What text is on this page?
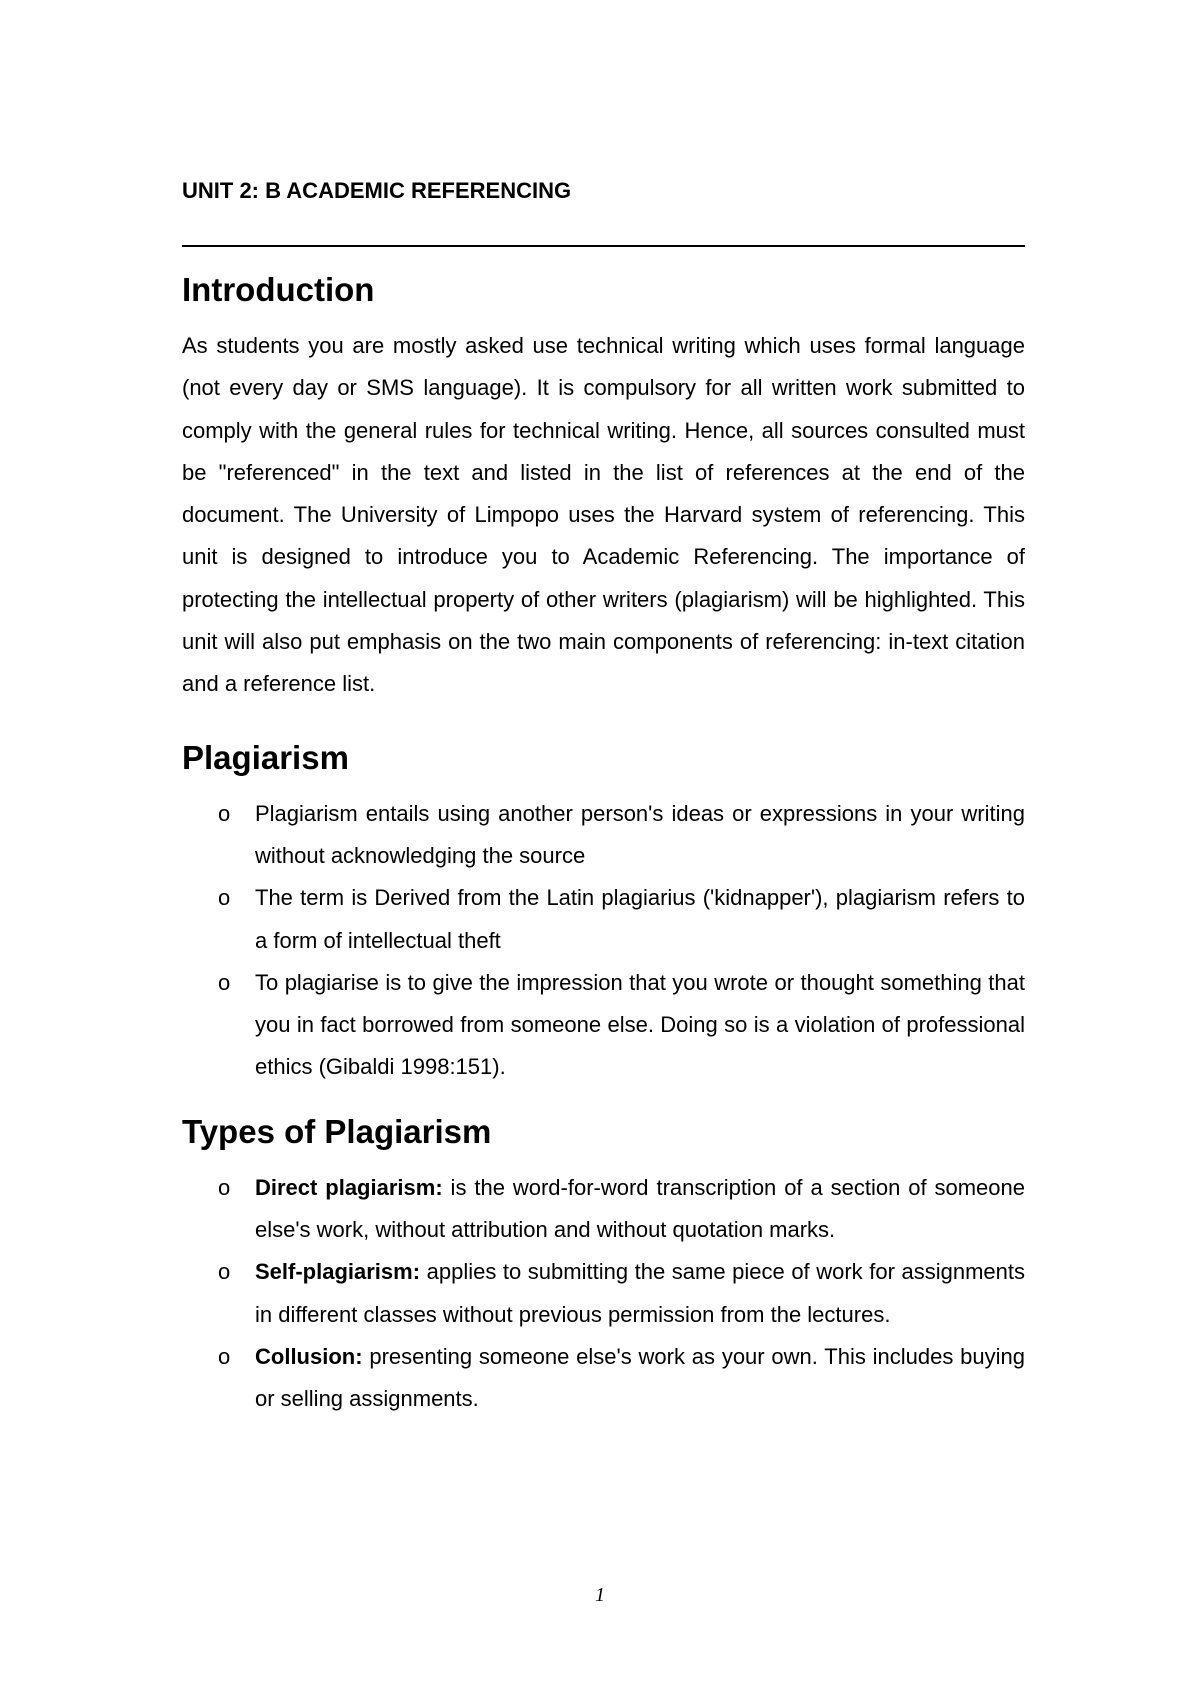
UNIT 2: B ACADEMIC REFERENCING
Introduction

As students you are mostly asked use technical writing which uses formal language (not every day or SMS language). It is compulsory for all written work submitted to comply with the general rules for technical writing. Hence, all sources consulted must be "referenced" in the text and listed in the list of references at the end of the document. The University of Limpopo uses the Harvard system of referencing. This unit is designed to introduce you to Academic Referencing. The importance of protecting the intellectual property of other writers (plagiarism) will be highlighted. This unit will also put emphasis on the two main components of referencing: in-text citation and a reference list.

Plagiarism
o Plagiarism entails using another person's ideas or expressions in your writing without acknowledging the source
o The term is Derived from the Latin plagiarius ('kidnapper'), plagiarism refers to a form of intellectual theft
o To plagiarise is to give the impression that you wrote or thought something that you in fact borrowed from someone else. Doing so is a violation of professional ethics (Gibaldi 1998:151).
Types of Plagiarism
o Direct plagiarism: is the word-for-word transcription of a section of someone else's work, without attribution and without quotation marks.
o Self-plagiarism: applies to submitting the same piece of work for assignments in different classes without previous permission from the lectures.
o Collusion: presenting someone else's work as your own. This includes buying or selling assignments.
1
